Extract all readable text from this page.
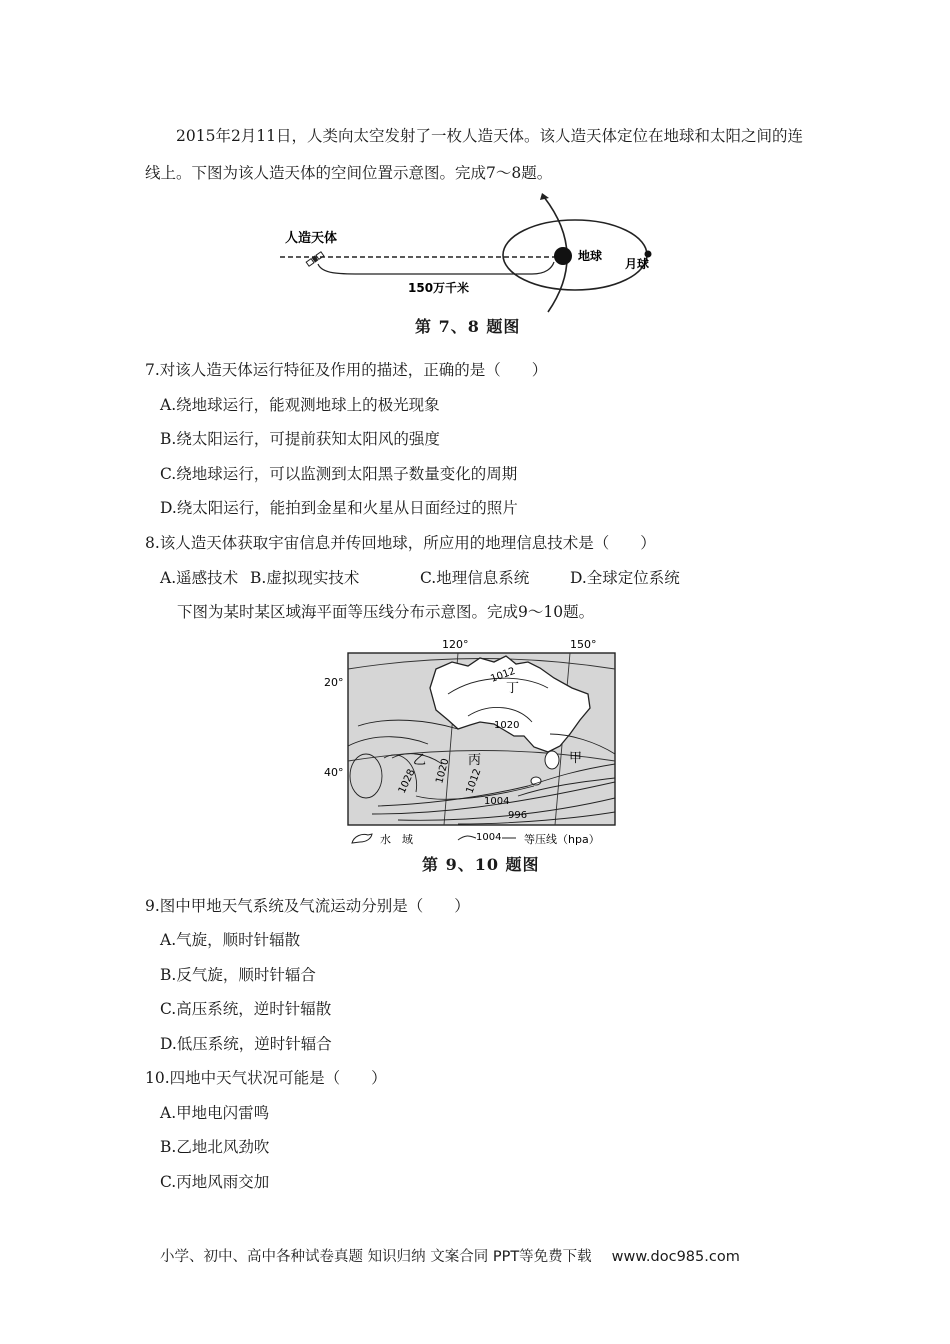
2015年2月11日，人类向太空发射了一枚人造天体。该人造天体定位在地球和太阳之间的连线上。下图为该人造天体的空间位置示意图。完成7～8题。

人造天体
地球
月球
150万千米
第 7、8 题图

7.对该人造天体运行特征及作用的描述，正确的是（　　）

A.绕地球运行，能观测地球上的极光现象

B.绕太阳运行，可提前获知太阳风的强度

C.绕地球运行，可以监测到太阳黑子数量变化的周期

D.绕太阳运行，能拍到金星和火星从日面经过的照片

8.该人造天体获取宇宙信息并传回地球，所应用的地理信息技术是（　　）

A.遥感技术 B.虚拟现实技术	C.地理信息系统	D.全球定位系统

下图为某时某区域海平面等压线分布示意图。完成9～10题。

120°	150°
20°
40°
丁
乙	丙	甲
1012
1020
1028 1020 1012
1004
996
水　域	1004 等压线（hpa）
第 9、10 题图

9.图中甲地天气系统及气流运动分别是（　　）

A.气旋，顺时针辐散

B.反气旋，顺时针辐合

C.高压系统，逆时针辐散

D.低压系统，逆时针辐合

10.四地中天气状况可能是（　　）

A.甲地电闪雷鸣

B.乙地北风劲吹

C.丙地风雨交加

小学、初中、高中各种试卷真题 知识归纳 文案合同 PPT等免费下载 www.doc985.com
